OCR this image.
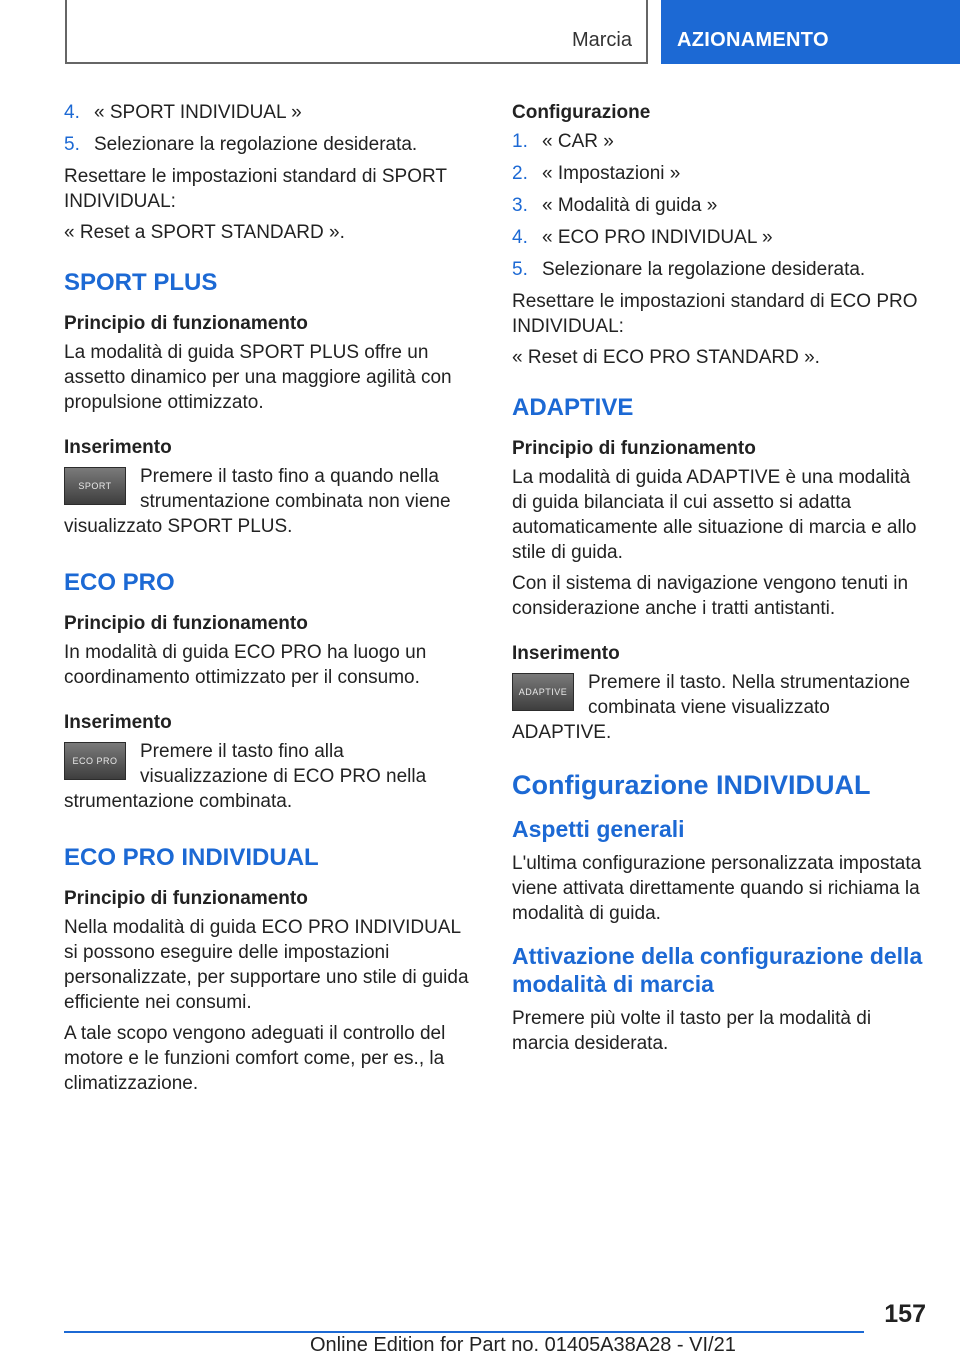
Marcia AZIONAMENTO
4. « SPORT INDIVIDUAL »
5. Selezionare la regolazione desiderata.

Resettare le impostazioni standard di SPORT INDIVIDUAL:

« Reset a SPORT STANDARD ».

SPORT PLUS
Principio di funzionamento

La modalità di guida SPORT PLUS offre un assetto dinamico per una maggiore agilità con propulsione ottimizzato.

Inserimento
SPORT	Premere il tasto fino a quando nella strumentazione combinata non viene visualizzato SPORT PLUS.

ECO PRO
Principio di funzionamento

In modalità di guida ECO PRO ha luogo un coordinamento ottimizzato per il consumo.

Inserimento
ECO PRO	Premere il tasto fino alla visualizzazione di ECO PRO nella strumentazione combinata.

ECO PRO INDIVIDUAL
Principio di funzionamento

Nella modalità di guida ECO PRO INDIVIDUAL si possono eseguire delle impostazioni personalizzate, per supportare uno stile di guida efficiente nei consumi.

A tale scopo vengono adeguati il controllo del motore e le funzioni comfort come, per es., la climatizzazione.

Configurazione
1. « CAR »
2. « Impostazioni »
3. « Modalità di guida »
4. « ECO PRO INDIVIDUAL »
5. Selezionare la regolazione desiderata.

Resettare le impostazioni standard di ECO PRO INDIVIDUAL:

« Reset di ECO PRO STANDARD ».

ADAPTIVE
Principio di funzionamento

La modalità di guida ADAPTIVE è una modalità di guida bilanciata il cui assetto si adatta automaticamente alle situazione di marcia e allo stile di guida.

Con il sistema di navigazione vengono tenuti in considerazione anche i tratti antistanti.

Inserimento
ADAPTIVE	Premere il tasto. Nella strumentazione combinata viene visualizzato ADAPTIVE.

Configurazione INDIVIDUAL
Aspetti generali

L'ultima configurazione personalizzata impostata viene attivata direttamente quando si richiama la modalità di guida.

Attivazione della configurazione della modalità di marcia

Premere più volte il tasto per la modalità di marcia desiderata.

157
Online Edition for Part no. 01405A38A28 - VI/21
